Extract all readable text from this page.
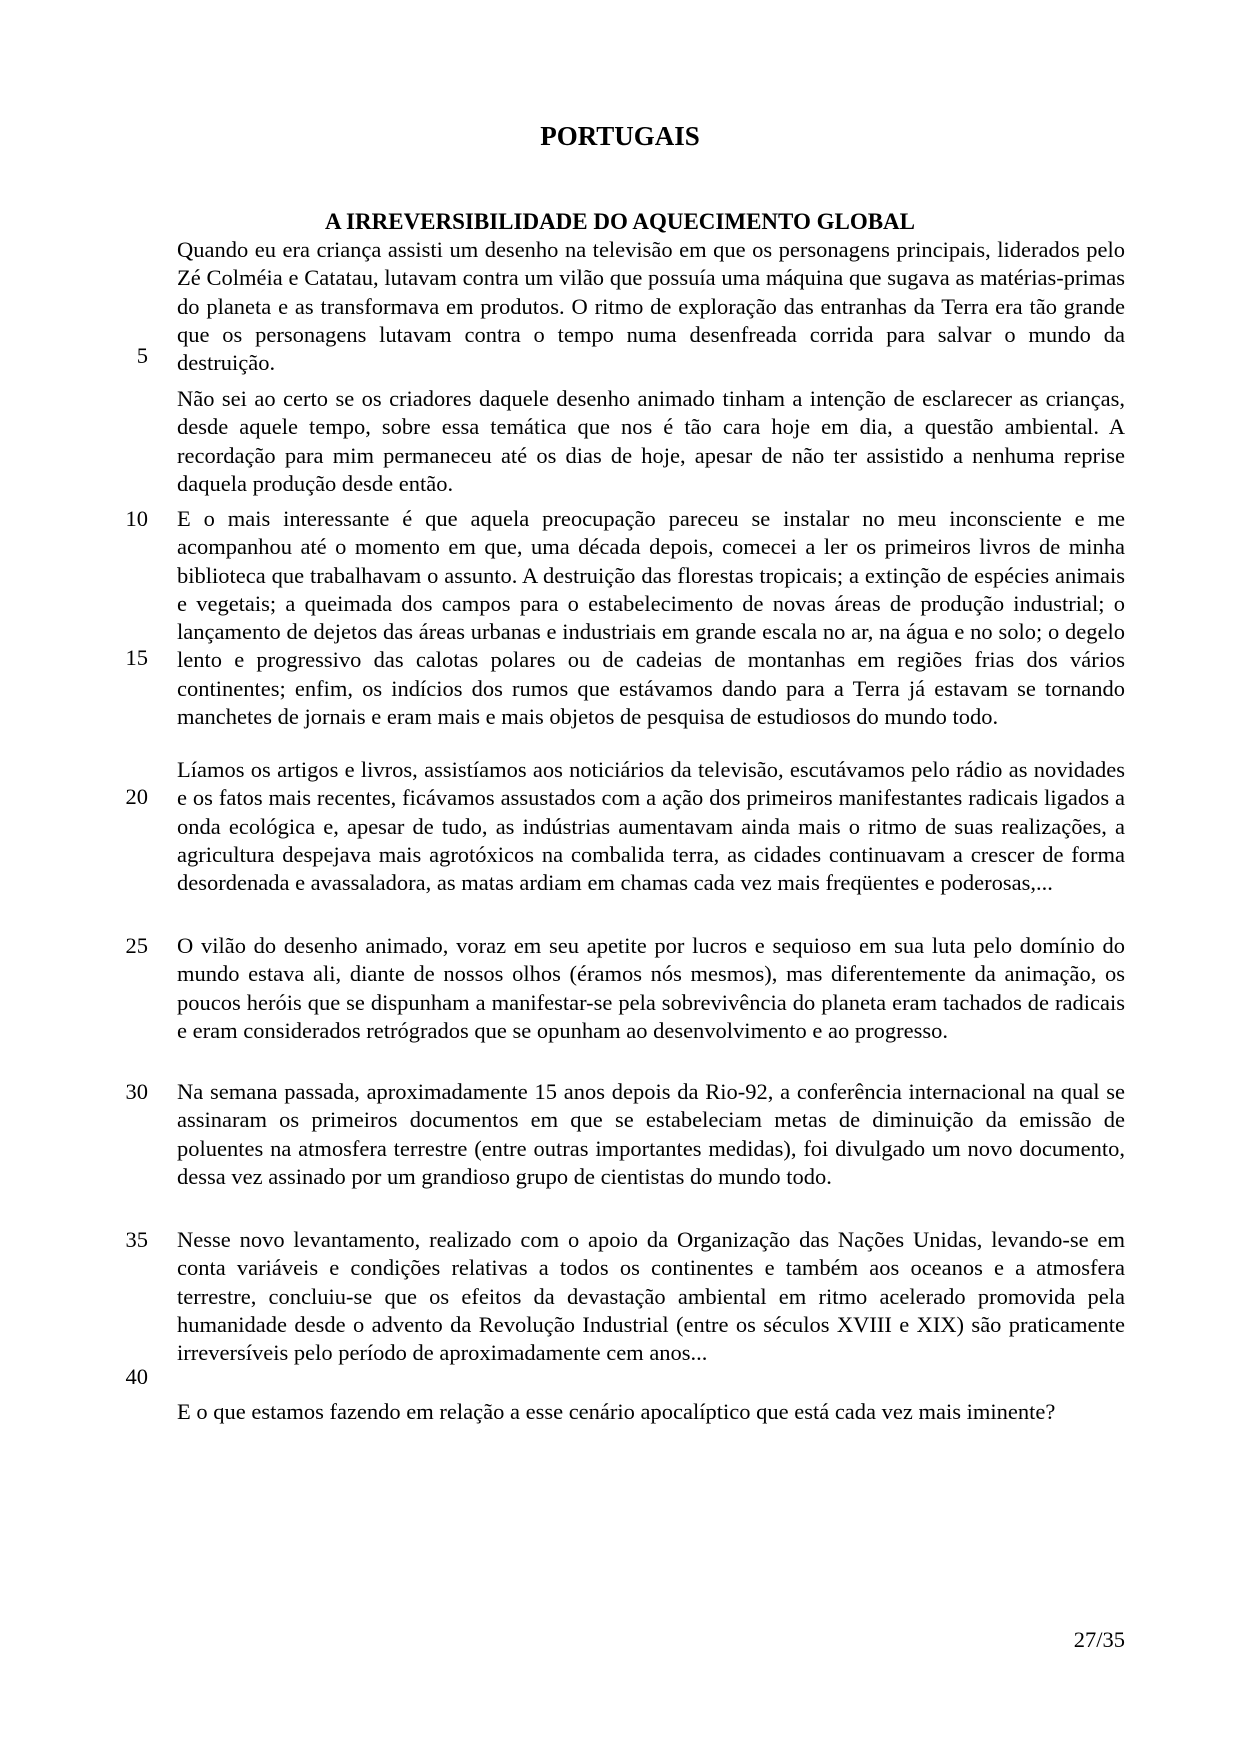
PORTUGAIS
A IRREVERSIBILIDADE DO AQUECIMENTO GLOBAL
Quando eu era criança assisti um desenho na televisão em que os personagens principais, liderados pelo Zé Colméia e Catatau, lutavam contra um vilão que possuía uma máquina que sugava as matérias-primas do planeta e as transformava em produtos. O ritmo de exploração das entranhas da Terra era tão grande que os personagens lutavam contra o tempo numa desenfreada corrida para salvar o mundo da destruição.
Não sei ao certo se os criadores daquele desenho animado tinham a intenção de esclarecer as crianças, desde aquele tempo, sobre essa temática que nos é tão cara hoje em dia, a questão ambiental. A recordação para mim permaneceu até os dias de hoje, apesar de não ter assistido a nenhuma reprise daquela produção desde então.
E o mais interessante é que aquela preocupação pareceu se instalar no meu inconsciente e me acompanhou até o momento em que, uma década depois, comecei a ler os primeiros livros de minha biblioteca que trabalhavam o assunto. A destruição das florestas tropicais; a extinção de espécies animais e vegetais; a queimada dos campos para o estabelecimento de novas áreas de produção industrial; o lançamento de dejetos das áreas urbanas e industriais em grande escala no ar, na água e no solo; o degelo lento e progressivo das calotas polares ou de cadeias de montanhas em regiões frias dos vários continentes; enfim, os indícios dos rumos que estávamos dando para a Terra já estavam se tornando manchetes de jornais e eram mais e mais objetos de pesquisa de estudiosos do mundo todo.
Líamos os artigos e livros, assistíamos aos noticiários da televisão, escutávamos pelo rádio as novidades e os fatos mais recentes, ficávamos assustados com a ação dos primeiros manifestantes radicais ligados a onda ecológica e, apesar de tudo, as indústrias aumentavam ainda mais o ritmo de suas realizações, a agricultura despejava mais agrotóxicos na combalida terra, as cidades continuavam a crescer de forma desordenada e avassaladora, as matas ardiam em chamas cada vez mais freqüentes e poderosas,...
O vilão do desenho animado, voraz em seu apetite por lucros e sequioso em sua luta pelo domínio do mundo estava ali, diante de nossos olhos (éramos nós mesmos), mas diferentemente da animação, os poucos heróis que se dispunham a manifestar-se pela sobrevivência do planeta eram tachados de radicais e eram considerados retrógrados que se opunham ao desenvolvimento e ao progresso.
Na semana passada, aproximadamente 15 anos depois da Rio-92, a conferência internacional na qual se assinaram os primeiros documentos em que se estabeleciam metas de diminuição da emissão de poluentes na atmosfera terrestre (entre outras importantes medidas), foi divulgado um novo documento, dessa vez assinado por um grandioso grupo de cientistas do mundo todo.
Nesse novo levantamento, realizado com o apoio da Organização das Nações Unidas, levando-se em conta variáveis e condições relativas a todos os continentes e também aos oceanos e a atmosfera terrestre, concluiu-se que os efeitos da devastação ambiental em ritmo acelerado promovida pela humanidade desde o advento da Revolução Industrial (entre os séculos XVIII e XIX) são praticamente irreversíveis pelo período de aproximadamente cem anos...
E o que estamos fazendo em relação a esse cenário apocalíptico que está cada vez mais iminente?
5
10
15
20
25
30
35
40
27/35
